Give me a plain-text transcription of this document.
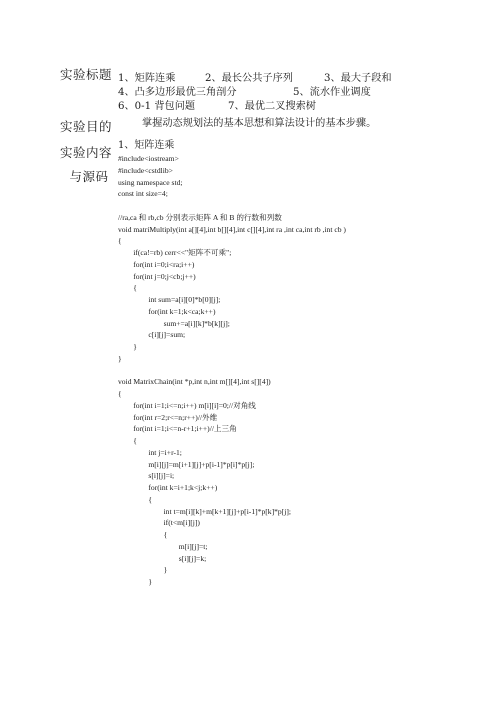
实验标题
实验目的
实验内容
与源码
1、矩阵连乘	2、最长公共子序列	3、最大子段和
4、凸多边形最优三角剖分	5、流水作业调度
6、0-1 背包问题	7、最优二叉搜索树
掌握动态规划法的基本思想和算法设计的基本步骤。
1、矩阵连乘
#include<iostream>
#include<cstdlib>
using namespace std;
const int size=4;
//ra,ca 和 rb,cb 分别表示矩阵 A 和 B 的行数和列数
void matriMultiply(int a[][4],int b[][4],int c[][4],int ra ,int ca,int rb ,int cb )
{
if(ca!=rb) cerr<<"矩阵不可乘";
for(int i=0;i<ra;i++)
for(int j=0;j<cb;j++)
{
int sum=a[i][0]*b[0][j];
for(int k=1;k<ca;k++)
sum+=a[i][k]*b[k][j];
c[i][j]=sum;
}
}
void MatrixChain(int *p,int n,int m[][4],int s[][4])
{
for(int i=1;i<=n;i++) m[i][i]=0;//对角线
for(int r=2;r<=n;r++)//外维
for(int i=1;i<=n-r+1;i++)//上三角
{
int j=i+r-1;
m[i][j]=m[i+1][j]+p[i-1]*p[i]*p[j];
s[i][j]=i;
for(int k=i+1;k<j;k++)
{
int t=m[i][k]+m[k+1][j]+p[i-1]*p[k]*p[j];
if(t<m[i][j])
{
m[i][j]=t;
s[i][j]=k;
}
}
